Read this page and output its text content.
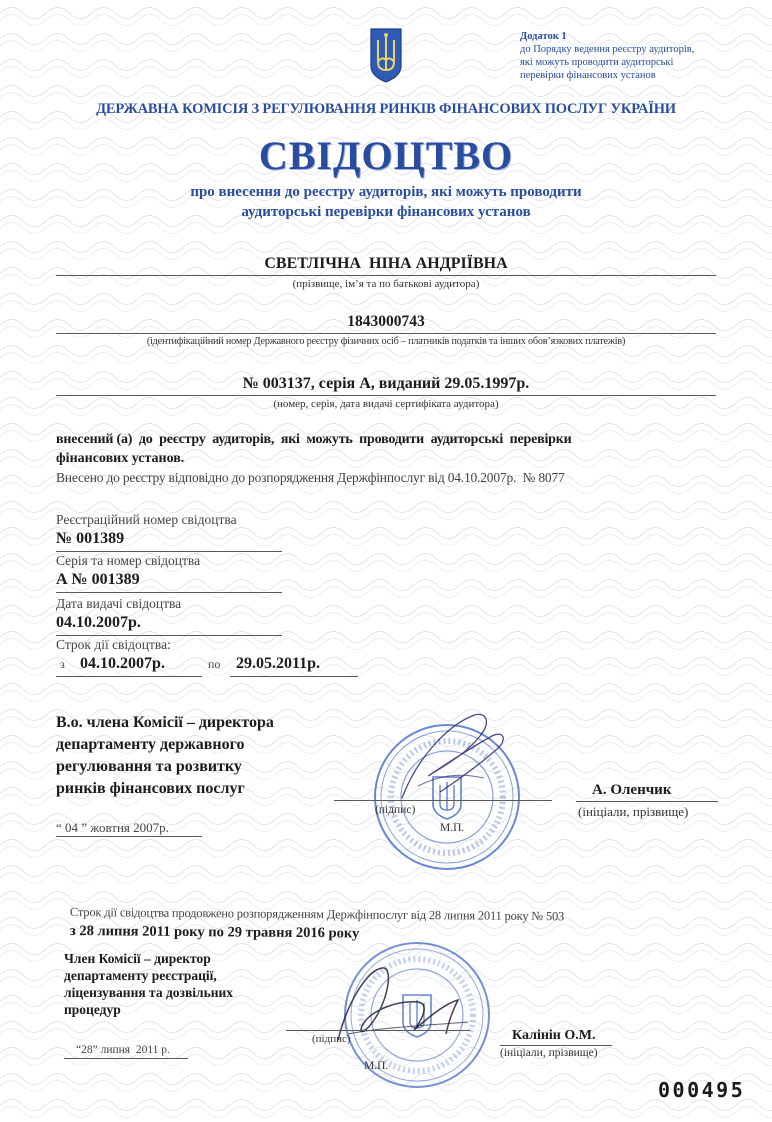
Додаток 1
до Порядку ведення реєстру аудиторів,
які можуть проводити аудиторські
перевірки фінансових установ
ДЕРЖАВНА КОМІСІЯ З РЕГУЛЮВАННЯ РИНКІВ ФІНАНСОВИХ ПОСЛУГ УКРАЇНИ
СВІДОЦТВО
про внесення до реєстру аудиторів, які можуть проводити
аудиторські перевірки фінансових установ
СВЕТЛІЧНА  НІНА АНДРІЇВНА
(прізвище, ім’я та по батькові аудитора)
1843000743
(ідентифікаційний номер Державного реєстру фізичних осіб – платників податків та інших обов’язкових платежів)
№ 003137, серія А, виданий 29.05.1997р.
(номер, серія, дата видачі сертифіката аудитора)
внесений (а)  до  реєстру  аудиторів,  які  можуть  проводити  аудиторські  перевірки
фінансових установ.
Внесено до реєстру відповідно до розпорядження Держфінпослуг від 04.10.2007р.  № 8077
Реєстраційний номер свідоцтва
№ 001389
Серія та номер свідоцтва
А № 001389
Дата видачі свідоцтва
04.10.2007р.
Строк дії свідоцтва:
з 04.10.2007р.	по 29.05.2011р.
В.о. члена Комісії – директора
департаменту державного
регулювання та розвитку
ринків фінансових послуг
(підпис)
М.П.
А. Оленчик
(ініціали, прізвище)
“ 04 ” жовтня 2007р.
Строк дії свідоцтва продовжено розпорядженням Держфінпослуг від 28 липня 2011 року № 503
з 28 липня 2011 року по 29 травня 2016 року
Член Комісії – директор
департаменту реєстрації,
ліцензування та дозвільних
процедур
(підпис)
М.П.
Калінін О.М.
(ініціали, прізвище)
“28” липня  2011 р.
000495
